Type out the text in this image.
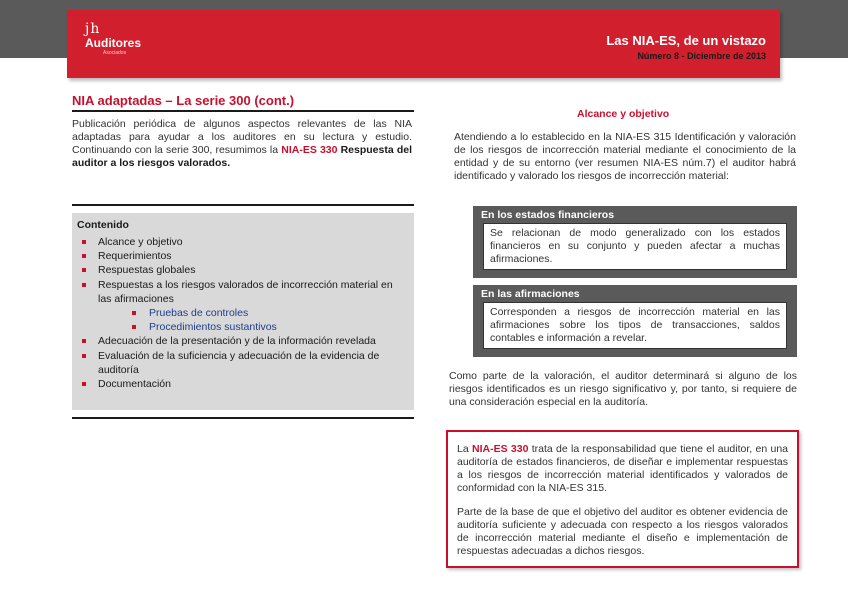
jh
Auditores
Asociados
Las NIA-ES, de un vistazo
Número 8 - Diciembre de 2013
NIA adaptadas – La serie 300 (cont.)
Publicación periódica de algunos aspectos relevantes de las NIA adaptadas para ayudar a los auditores en su lectura y estudio. Continuando con la serie 300, resumimos la NIA-ES 330 Respuesta del auditor a los riesgos valorados.
Contenido
Alcance y objetivo
Requerimientos
Respuestas globales
Respuestas a los riesgos valorados de incorrección material en las afirmaciones
Pruebas de controles
Procedimientos sustantivos
Adecuación de la presentación y de la información revelada
Evaluación de la suficiencia y adecuación de la evidencia de auditoría
Documentación
Alcance y objetivo
Atendiendo a lo establecido en la NIA-ES 315 Identificación y valoración de los riesgos de incorrección material mediante el conocimiento de la entidad y de su entorno (ver resumen NIA-ES núm.7) el auditor habrá identificado y valorado los riesgos de incorrección material:
En los estados financieros
Se relacionan de modo generalizado con los estados financieros en su conjunto y pueden afectar a muchas afirmaciones.
En las afirmaciones
Corresponden a riesgos de incorrección material en las afirmaciones sobre los tipos de transacciones, saldos contables e información a revelar.
Como parte de la valoración, el auditor determinará si alguno de los riesgos identificados es un riesgo significativo y, por tanto, si requiere de una consideración especial en la auditoría.
La NIA-ES 330 trata de la responsabilidad que tiene el auditor, en una auditoría de estados financieros, de diseñar e implementar respuestas a los riesgos de incorrección material identificados y valorados de conformidad con la NIA-ES 315.
Parte de la base de que el objetivo del auditor es obtener evidencia de auditoría suficiente y adecuada con respecto a los riesgos valorados de incorrección material mediante el diseño e implementación de respuestas adecuadas a dichos riesgos.
